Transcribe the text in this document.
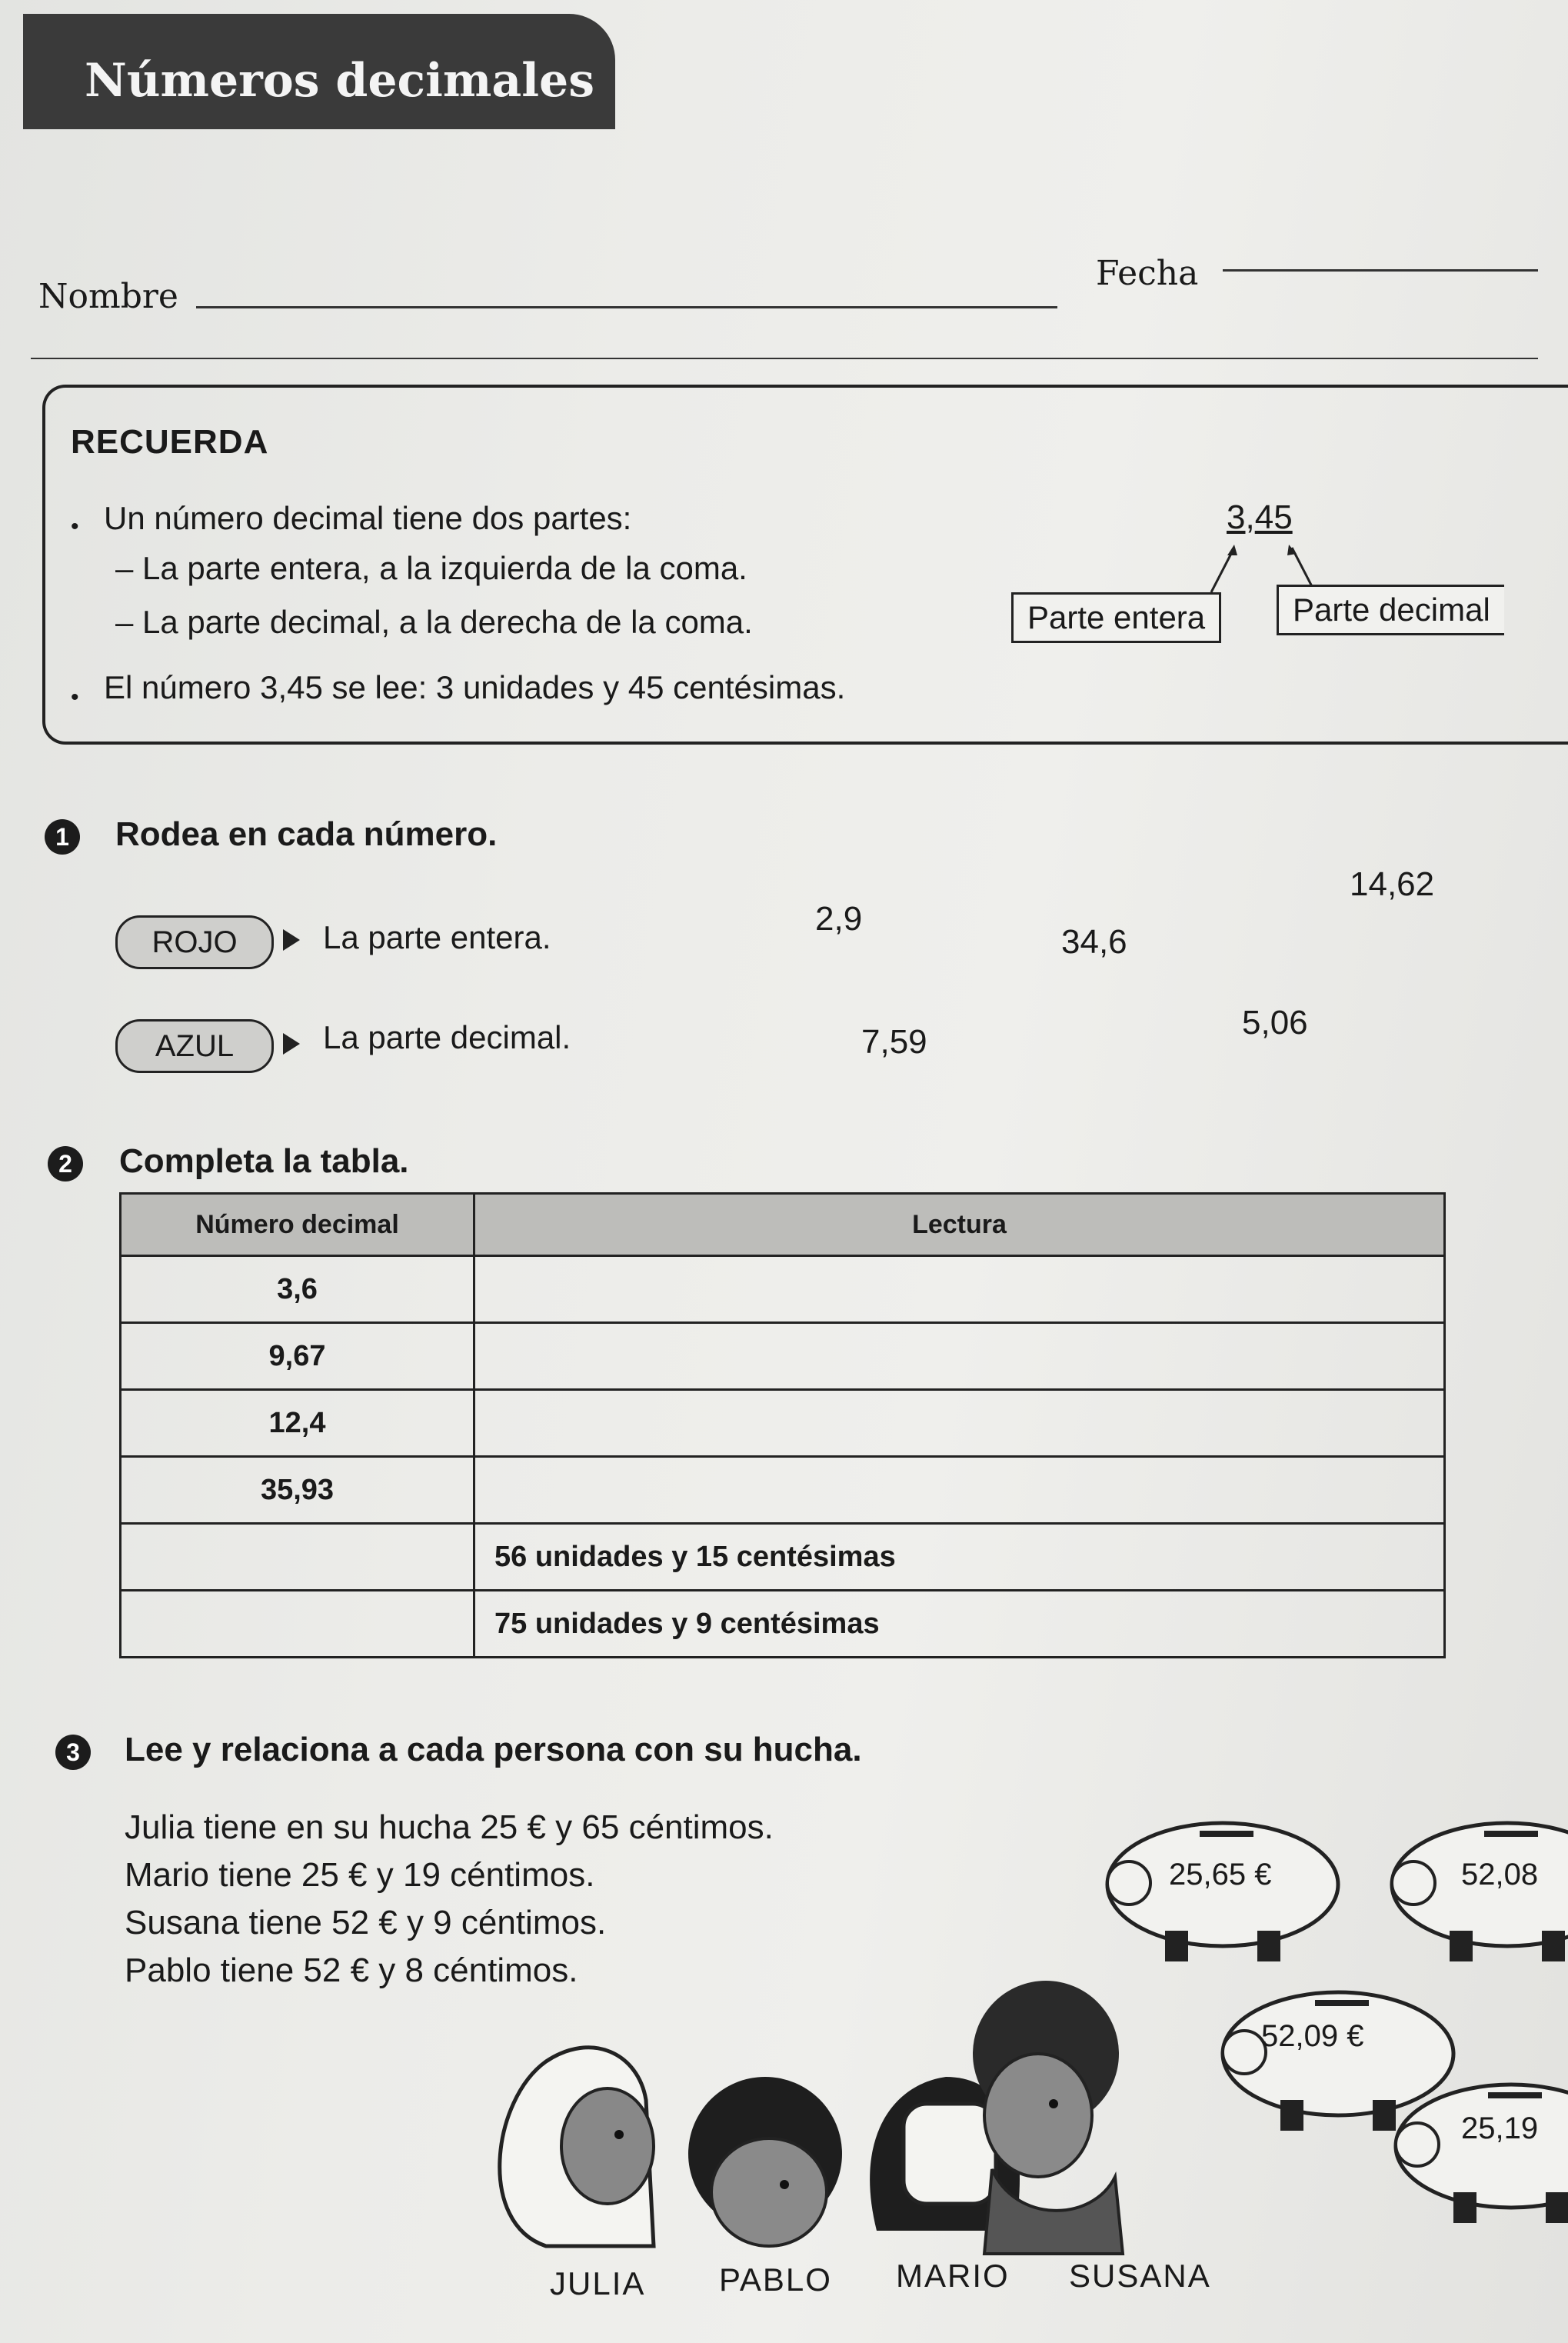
Números decimales
Nombre
Fecha
RECUERDA
• Un número decimal tiene dos partes:
– La parte entera, a la izquierda de la coma.
– La parte decimal, a la derecha de la coma.
• El número 3,45 se lee: 3 unidades y 45 centésimas.
3,45
Parte entera	Parte decimal
1	Rodea en cada número.
ROJO	La parte entera.
AZUL	La parte decimal.
2,9
14,62
34,6
7,59
5,06
2	Completa la tabla.
Número decimal	Lectura
3,6	
9,67	
12,4	
35,93	
	56 unidades y 15 centésimas
	75 unidades y 9 centésimas
3	Lee y relaciona a cada persona con su hucha.
Julia tiene en su hucha 25 € y 65 céntimos.
Mario tiene 25 € y 19 céntimos.
Susana tiene 52 € y 9 céntimos.
Pablo tiene 52 € y 8 céntimos.
25,65 €	52,08
52,09 €
25,19
JULIA PABLO MARIO SUSANA
